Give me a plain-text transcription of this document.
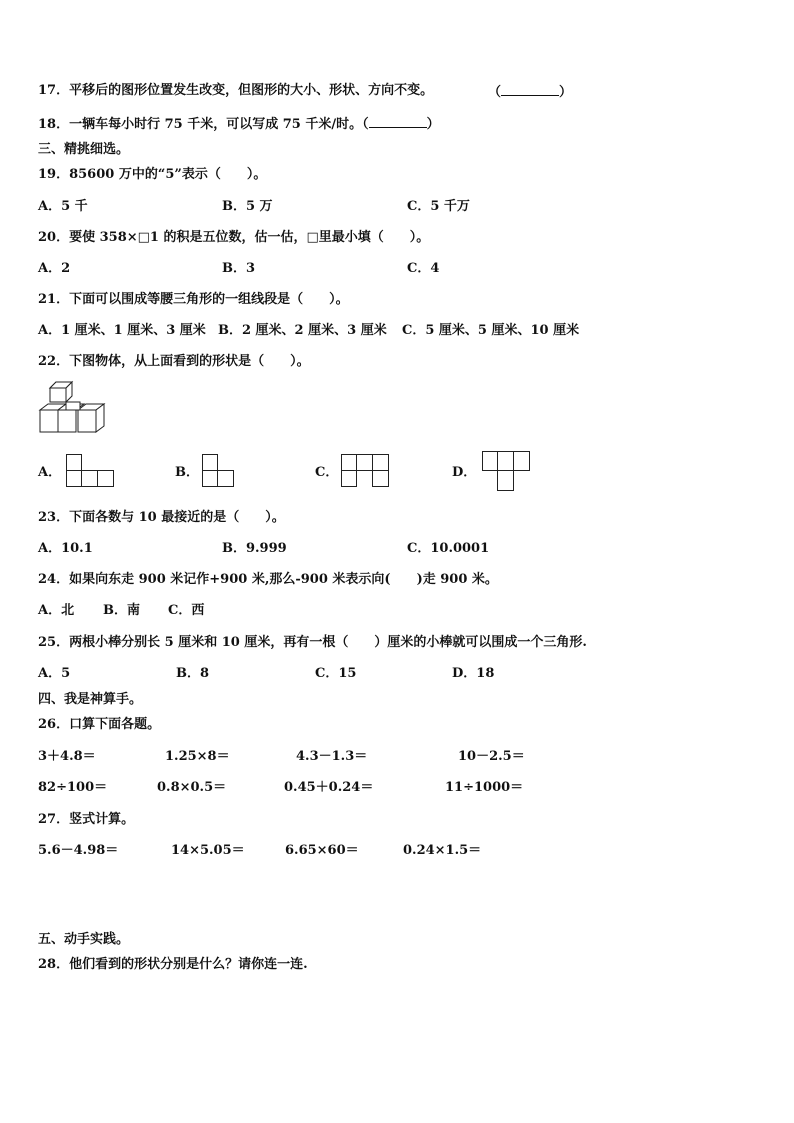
17．平移后的图形位置发生改变，但图形的大小、形状、方向不变。	（	）
18．一辆车每小时行 75 千米，可以写成 75 千米/时。（	）
三、精挑细选。
19．85600 万中的“5”表示（　　）。
A．5 千	B．5 万	C．5 千万
20．要使 358×□1 的积是五位数，估一估，□里最小填（　　）。
A．2	B．3	C．4
21．下面可以围成等腰三角形的一组线段是（　　）。
A．1 厘米、1 厘米、3 厘米 B．2 厘米、2 厘米、3 厘米 C．5 厘米、5 厘米、10 厘米
22．下图物体，从上面看到的形状是（　　）。
A．	B．	C．	D．
23．下面各数与 10 最接近的是（　　）。
A．10.1	B．9.999	C．10.0001
24．如果向东走 900 米记作+900 米,那么-900 米表示向(　　)走 900 米。
A．北 B．南 C．西
25．两根小棒分别长 5 厘米和 10 厘米，再有一根（　　）厘米的小棒就可以围成一个三角形.
A．5	B．8	C．15	D．18
四、我是神算手。
26．口算下面各题。
3＋4.8＝	1.25×8＝	4.3－1.3＝	10－2.5＝
82÷100＝	0.8×0.5＝	0.45＋0.24＝	11÷1000＝
27．竖式计算。
5.6－4.98＝	14×5.05＝	6.65×60＝	0.24×1.5＝
五、动手实践。
28．他们看到的形状分别是什么？请你连一连.
